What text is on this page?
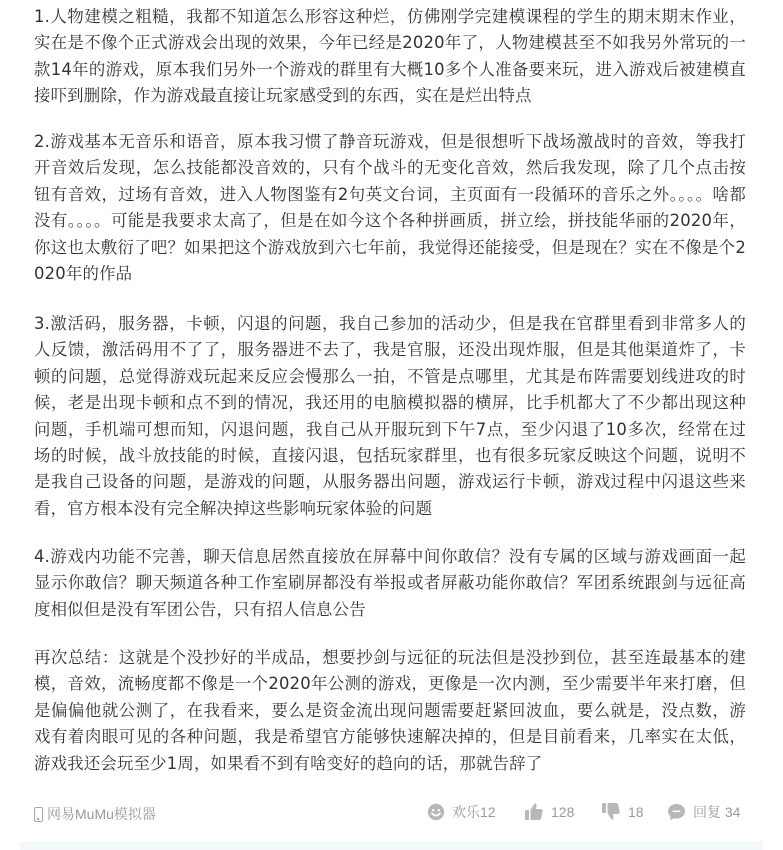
1.人物建模之粗糙，我都不知道怎么形容这种烂，仿佛刚学完建模课程的学生的期末期末作业，实在是不像个正式游戏会出现的效果，今年已经是2020年了，人物建模甚至不如我另外常玩的一款14年的游戏，原本我们另外一个游戏的群里有大概10多个人准备要来玩，进入游戏后被建模直接吓到删除，作为游戏最直接让玩家感受到的东西，实在是烂出特点

2.游戏基本无音乐和语音，原本我习惯了静音玩游戏，但是很想听下战场激战时的音效，等我打开音效后发现，怎么技能都没音效的，只有个战斗的无变化音效，然后我发现，除了几个点击按钮有音效，过场有音效，进入人物图鉴有2句英文台词，主页面有一段循环的音乐之外。。。。啥都没有。。。。可能是我要求太高了，但是在如今这个各种拼画质，拼立绘，拼技能华丽的2020年，你这也太敷衍了吧？如果把这个游戏放到六七年前，我觉得还能接受，但是现在？实在不像是个2020年的作品

3.激活码，服务器，卡顿，闪退的问题，我自己参加的活动少，但是我在官群里看到非常多人的人反馈，激活码用不了了，服务器进不去了，我是官服，还没出现炸服，但是其他渠道炸了，卡顿的问题，总觉得游戏玩起来反应会慢那么一拍，不管是点哪里，尤其是布阵需要划线进攻的时候，老是出现卡顿和点不到的情况，我还用的电脑模拟器的横屏，比手机都大了不少都出现这种问题，手机端可想而知，闪退问题，我自己从开服玩到下午7点，至少闪退了10多次，经常在过场的时候，战斗放技能的时候，直接闪退，包括玩家群里，也有很多玩家反映这个问题，说明不是我自己设备的问题，是游戏的问题，从服务器出问题，游戏运行卡顿，游戏过程中闪退这些来看，官方根本没有完全解决掉这些影响玩家体验的问题

4.游戏内功能不完善，聊天信息居然直接放在屏幕中间你敢信？没有专属的区域与游戏画面一起显示你敢信？聊天频道各种工作室刷屏都没有举报或者屏蔽功能你敢信？军团系统跟剑与远征高度相似但是没有军团公告，只有招人信息公告

再次总结：这就是个没抄好的半成品，想要抄剑与远征的玩法但是没抄到位，甚至连最基本的建模，音效，流畅度都不像是一个2020年公测的游戏，更像是一次内测，至少需要半年来打磨，但是偏偏他就公测了，在我看来，要么是资金流出现问题需要赶紧回波血，要么就是，没点数，游戏有着肉眼可见的各种问题，我是希望官方能够快速解决掉的，但是目前看来，几率实在太低，游戏我还会玩至少1周，如果看不到有啥变好的趋向的话，那就告辞了

网易MuMu模拟器	欢乐12	128	18	回复 34
